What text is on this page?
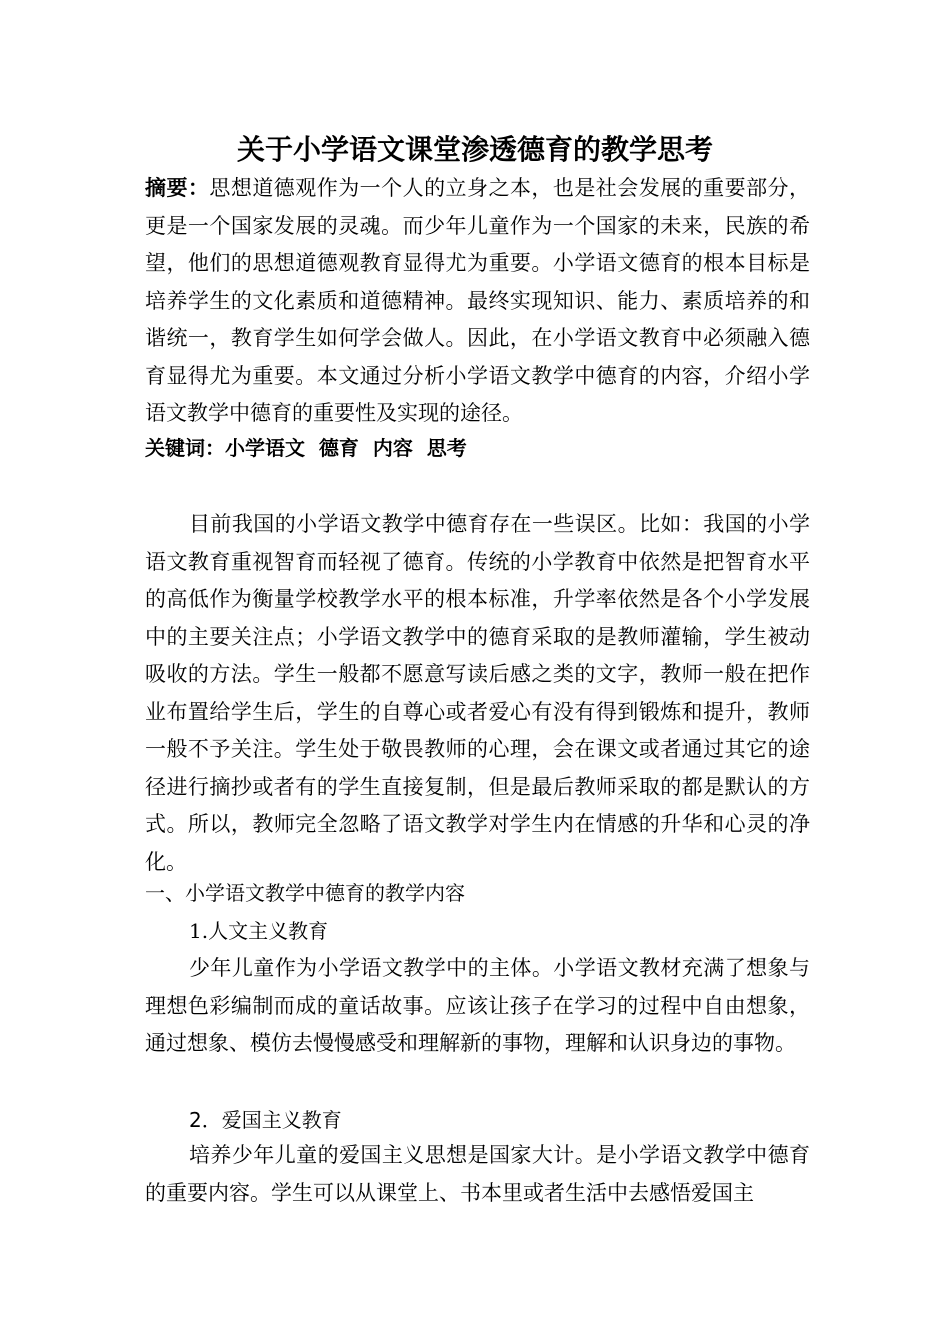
关于小学语文课堂渗透德育的教学思考

摘要：思想道德观作为一个人的立身之本，也是社会发展的重要部分，更是一个国家发展的灵魂。而少年儿童作为一个国家的未来，民族的希望，他们的思想道德观教育显得尤为重要。小学语文德育的根本目标是培养学生的文化素质和道德精神。最终实现知识、能力、素质培养的和谐统一，教育学生如何学会做人。因此，在小学语文教育中必须融入德育显得尤为重要。本文通过分析小学语文教学中德育的内容，介绍小学语文教学中德育的重要性及实现的途径。

关键词：小学语文  德育  内容  思考

目前我国的小学语文教学中德育存在一些误区。比如：我国的小学语文教育重视智育而轻视了德育。传统的小学教育中依然是把智育水平的高低作为衡量学校教学水平的根本标准，升学率依然是各个小学发展中的主要关注点；小学语文教学中的德育采取的是教师灌输，学生被动吸收的方法。学生一般都不愿意写读后感之类的文字，教师一般在把作业布置给学生后，学生的自尊心或者爱心有没有得到锻炼和提升，教师一般不予关注。学生处于敬畏教师的心理，会在课文或者通过其它的途径进行摘抄或者有的学生直接复制，但是最后教师采取的都是默认的方式。所以，教师完全忽略了语文教学对学生内在情感的升华和心灵的净化。

一、小学语文教学中德育的教学内容

1.人文主义教育

少年儿童作为小学语文教学中的主体。小学语文教材充满了想象与理想色彩编制而成的童话故事。应该让孩子在学习的过程中自由想象，通过想象、模仿去慢慢感受和理解新的事物，理解和认识身边的事物。

2．爱国主义教育

培养少年儿童的爱国主义思想是国家大计。是小学语文教学中德育的重要内容。学生可以从课堂上、书本里或者生活中去感悟爱国主
